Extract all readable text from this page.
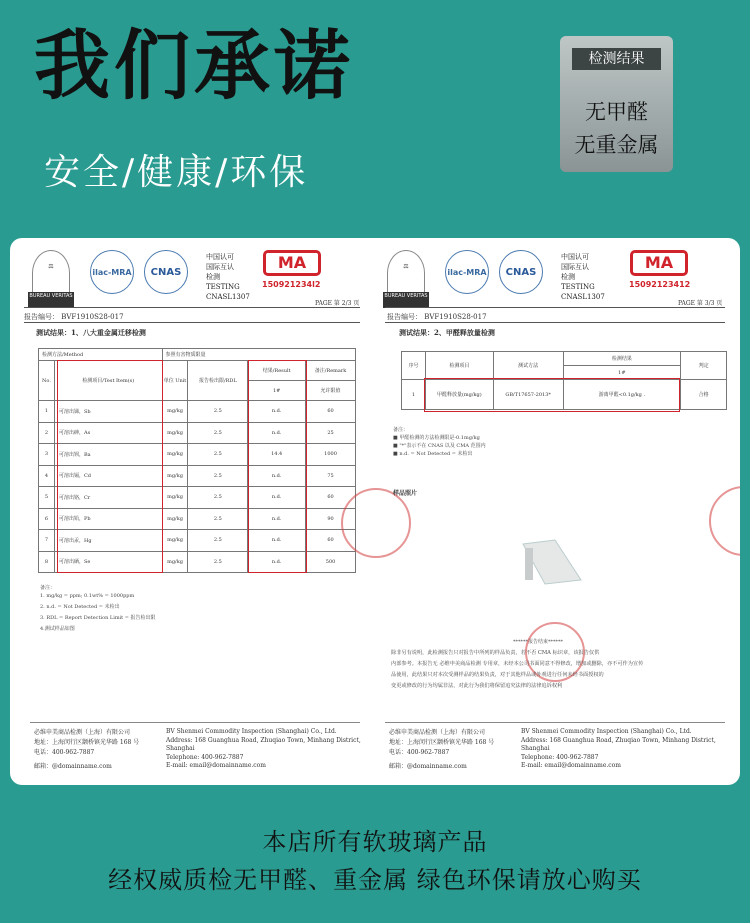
我们承诺
安全/健康/环保
检测结果
无甲醛
无重金属
⚖
BUREAU VERITAS
ilac-MRA	CNAS
中国认可
国际互认
检测
TESTING
CNASL1307
MA
150921234l2
PAGE 第 2/3 页
报告编号： BVF1910S28-017
测试结果：1、八大重金属迁移检测
检测方法/Method		参照有害物质限量			
No.	检测项目/Test Item(s)	单位 Unit	报告检出限/RDL	结果/Result	备注/Remark
				1#	允许限值
1	可溶出锑，Sb	mg/kg	2.5	n.d.	60
2	可溶出砷，As	mg/kg	2.5	n.d.	25
3	可溶出钡，Ba	mg/kg	2.5	14.4	1000
4	可溶出镉，Cd	mg/kg	2.5	n.d.	75
5	可溶出铬，Cr	mg/kg	2.5	n.d.	60
6	可溶出铅，Pb	mg/kg	2.5	n.d.	90
7	可溶出汞，Hg	mg/kg	2.5	n.d.	60
8	可溶出硒，Se	mg/kg	2.5	n.d.	500
备注：
1. mg/kg = ppm; 0.1wt% = 1000ppm
2. n.d. = Not Detected = 未检出
3. RDL = Report Detection Limit = 报告检出限
4.测试样品如图
必维申美商品检测（上海）有限公司
地址：上海闵行区颛桥镇光华路 168 号
电话：400-962-7887
邮箱：@domainname.com
BV Shenmei Commodity Inspection (Shanghai) Co., Ltd.
Address: 168 Guanghua Road, Zhuqiao Town, Minhang District,
Shanghai
Telephone: 400-962-7887
E-mail: email@domainname.com
⚖
BUREAU VERITAS
ilac-MRA	CNAS
中国认可
国际互认
检测
TESTING
CNASL1307
MA
15092123412
PAGE 第 3/3 页
报告编号： BVF1910S28-017
测试结果：2、甲醛释放量检测
序号	检测项目	测试方法	检测结果	判定
			1#	
1	甲醛释放量(mg/kg)	GB/T17657-2013*	游离甲醛<0.1g/kg .	合格
备注：
■ 甲醛检测的方法检测限是-0.1mg/kg
■ "*"表示不在 CNAS 以及 CMA 范围内
■ n.d. = Not Detected = 未检出
样品照片
******报告结束******
除非另有说明，此检测报告只对报告中所列的样品负责，若不否 CMA 标识章，该报告仅供
内部参考。本报告无 必维申美商品检测 专用章，未经本公司书面同意不得修改，增加或删除，亦不可作为宣传
品使用，此结果只对本次受测样品的结果负责，对于其他样品或外观进行任何未经书面授权的
变更或修改的行为均属非法，对此行为我们将保留追究法律的法律追诉权利
必维申美商品检测（上海）有限公司
地址：上海闵行区颛桥镇光华路 168 号
电话：400-962-7887
邮箱：@domainname.com
BV Shenmei Commodity Inspection (Shanghai) Co., Ltd.
Address: 168 Guanghua Road, Zhuqiao Town, Minhang District,
Shanghai
Telephone: 400-962-7887
E-mail: email@domainname.com
本店所有软玻璃产品
经权威质检无甲醛、重金属 绿色环保请放心购买
